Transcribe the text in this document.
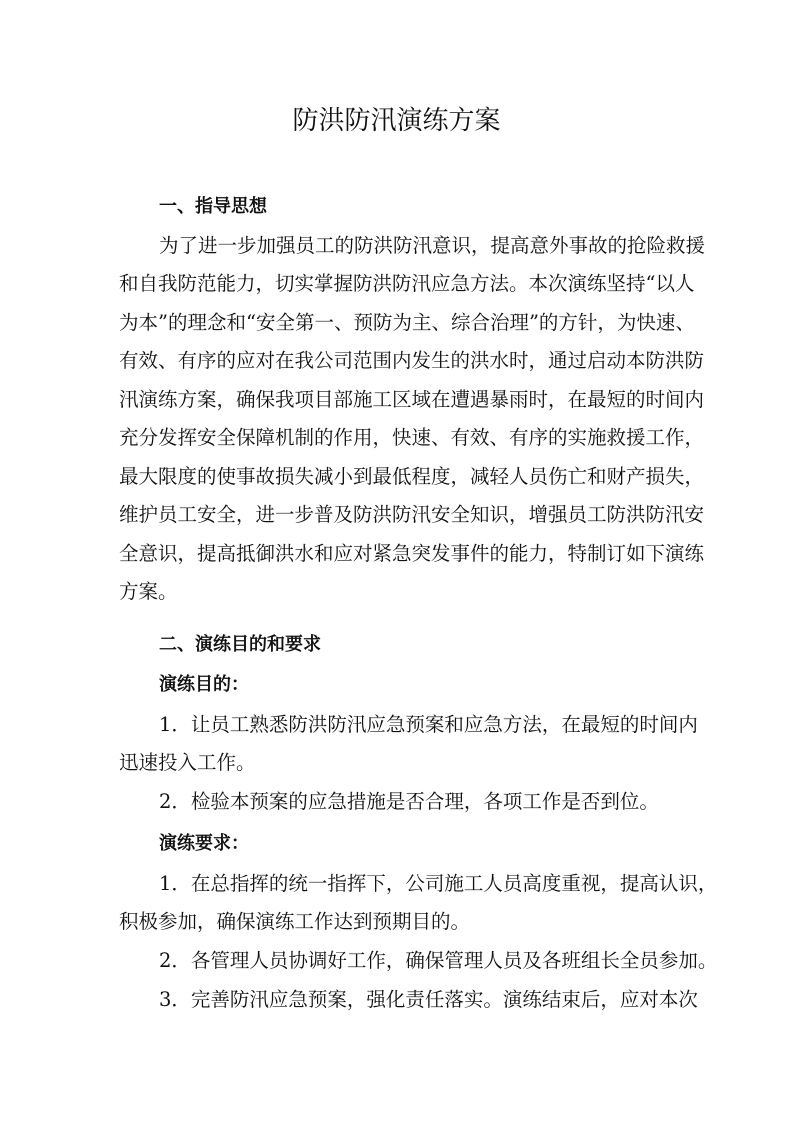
防洪防汛演练方案
一、指导思想
为了进一步加强员工的防洪防汛意识，提高意外事故的抢险救援
和自我防范能力，切实掌握防洪防汛应急方法。本次演练坚持“以人
为本”的理念和“安全第一、预防为主、综合治理”的方针，为快速、
有效、有序的应对在我公司范围内发生的洪水时，通过启动本防洪防
汛演练方案，确保我项目部施工区域在遭遇暴雨时，在最短的时间内
充分发挥安全保障机制的作用，快速、有效、有序的实施救援工作，
最大限度的使事故损失减小到最低程度，减轻人员伤亡和财产损失，
维护员工安全，进一步普及防洪防汛安全知识，增强员工防洪防汛安
全意识，提高抵御洪水和应对紧急突发事件的能力，特制订如下演练
方案。
二、演练目的和要求
演练目的：
1．让员工熟悉防洪防汛应急预案和应急方法，在最短的时间内
迅速投入工作。
2．检验本预案的应急措施是否合理，各项工作是否到位。
演练要求：
1．在总指挥的统一指挥下，公司施工人员高度重视，提高认识，
积极参加，确保演练工作达到预期目的。
2．各管理人员协调好工作，确保管理人员及各班组长全员参加。
3．完善防汛应急预案，强化责任落实。演练结束后，应对本次
